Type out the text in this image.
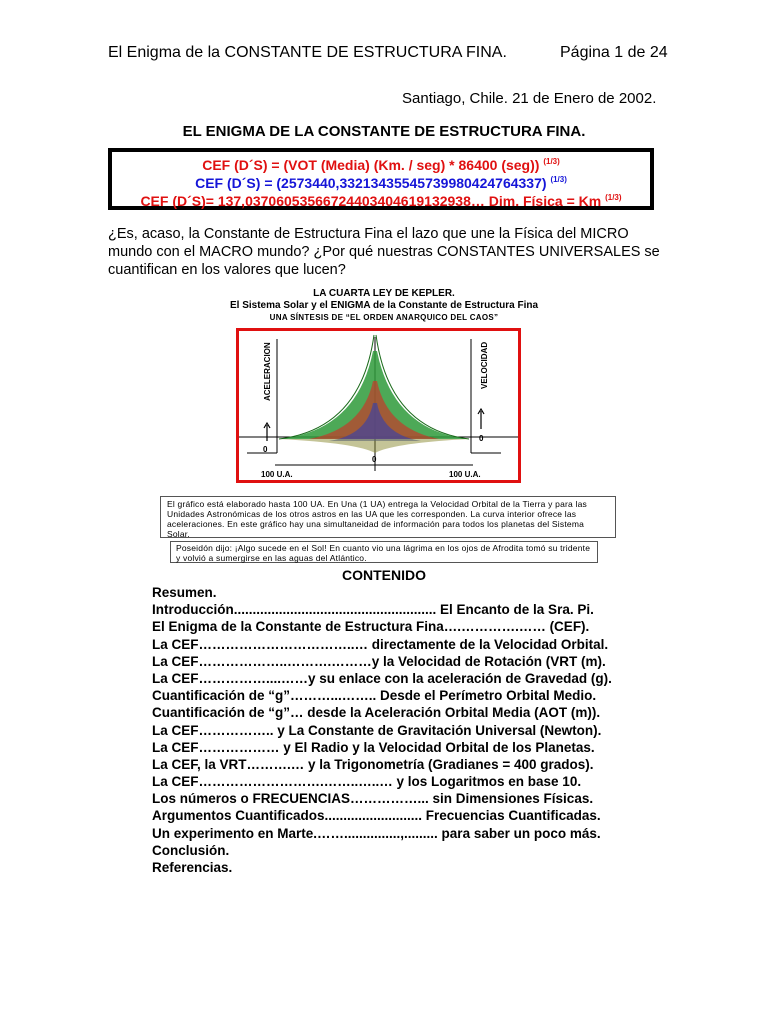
El Enigma de la CONSTANTE DE ESTRUCTURA FINA.	Página 1 de 24
Santiago, Chile. 21 de Enero de 2002.
EL ENIGMA DE LA CONSTANTE DE ESTRUCTURA FINA.
CEF (D´S) = (VOT (Media) (Km. / seg) * 86400 (seg)) $^{(1/3)}$
CEF (D´S) = (2573440,3321343554573998042476433​7) $^{(1/3)}$
CEF (D´S)= 137,0370605356672440340461913293​8… Dim. Física = Km $^{(1/3)}$
¿Es, acaso, la Constante de Estructura Fina el lazo que une la Física del MICRO mundo con el MACRO mundo? ¿Por qué nuestras CONSTANTES UNIVERSALES se cuantifican en los valores que lucen?
LA CUARTA LEY DE KEPLER.
El Sistema Solar y el ENIGMA de la Constante de Estructura Fina
UNA SÍNTESIS DE “EL ORDEN ANARQUICO DEL CAOS”
ACELERACION	VELOCIDAD
0
0
0
100 U.A.	100 U.A.
El gráfico está elaborado hasta 100 UA. En Una (1 UA) entrega la Velocidad Orbital de la Tierra y para las Unidades Astronómicas de los otros astros en las UA que les corresponden. La curva interior ofrece las aceleraciones. En este gráfico hay una simultaneidad de información para todos los planetas del Sistema Solar.
Poseidón dijo: ¡Algo sucede en el Sol! En cuanto vio una lágrima en los ojos de Afrodita tomó su tridente y volvió a sumergirse en las aguas del Atlántico.
CONTENIDO
Resumen.
Introducción...................................................... El Encanto de la Sra. Pi.
El Enigma de la Constante de Estructura Fina….………….…… (CEF).
La CEF……………………………..… directamente de la Velocidad Orbital.
La CEF………………..……….………y la Velocidad de Rotación (VRT (m).
La CEF……………....……y su enlace con la aceleración de Gravedad (g).
Cuantificación de “g”………...…….. Desde el Perímetro Orbital Medio.
Cuantificación de “g”… desde la Aceleración Orbital Media (AOT (m)).
La CEF…………….. y La Constante de Gravitación Universal (Newton).
La CEF……………… y El Radio y la Velocidad Orbital de los Planetas.
La CEF, la VRT……….… y la Trigonometría (Gradianes = 400 grados).
La CEF……………………….……..…..… y los Logaritmos en base 10.
Los números o FRECUENCIAS……………... sin Dimensiones Físicas.
Argumentos Cuantificados.......................... Frecuencias Cuantificadas.
Un experimento en Marte.……...............,......... para saber un poco más.
Conclusión.
Referencias.
